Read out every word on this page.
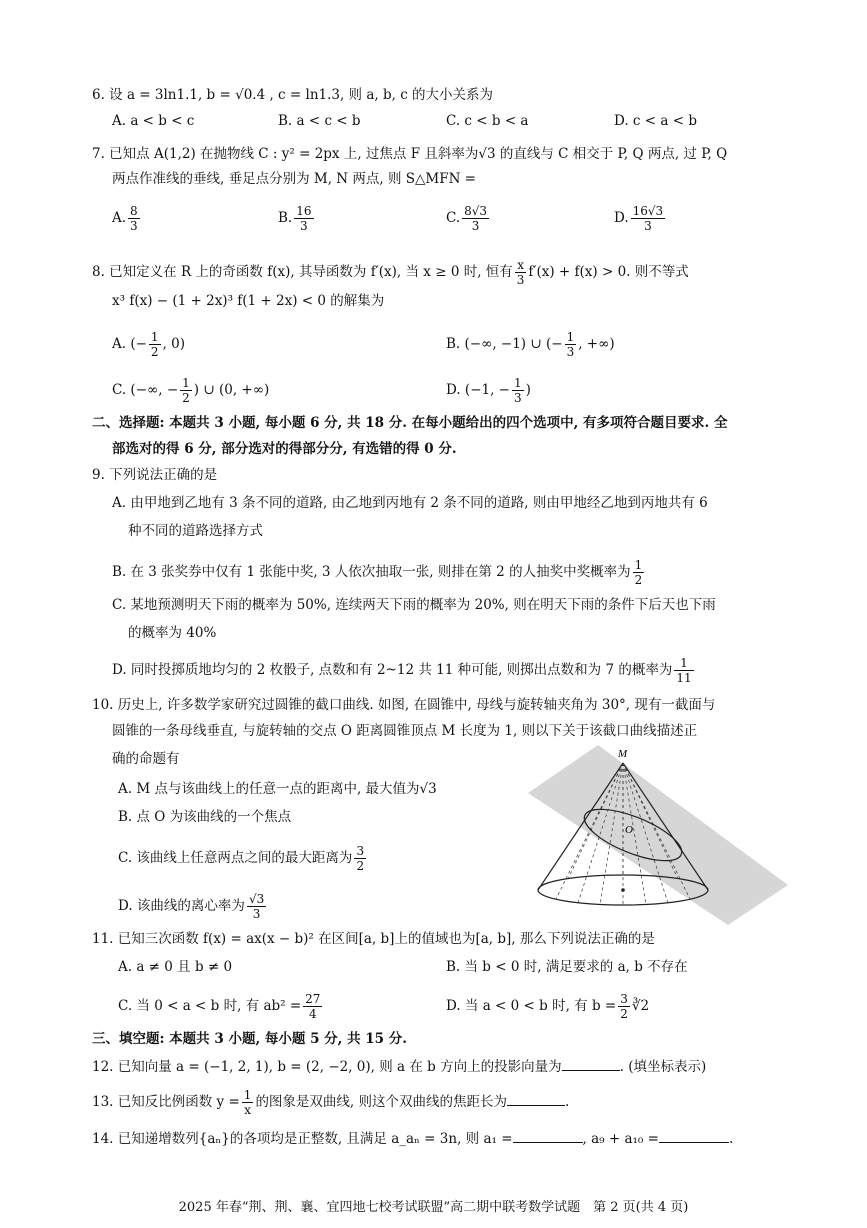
6. 设 a = 3ln1.1, b = √0.4 , c = ln1.3, 则 a, b, c 的大小关系为
A. a < b < c	B. a < c < b	C. c < b < a	D. c < a < b
7. 已知点 A(1,2) 在抛物线 C : y² = 2px 上, 过焦点 F 且斜率为√3 的直线与 C 相交于 P, Q 两点, 过 P, Q
两点作准线的垂线, 垂足点分别为 M, N 两点, 则 S△MFN =
A. $\frac{8}{3}$	B. $\frac{16}{3}$	C. $\frac{8√3}{3}$	D. $\frac{16√3}{3}$
8. 已知定义在 R 上的奇函数 f(x), 其导函数为 f′(x), 当 x ≥ 0 时, 恒有 $\frac{x}{3} f'(x) + f(x) > 0$. 则不等式
x³ f(x) − (1 + 2x)³ f(1 + 2x) < 0 的解集为
A. (− $\frac{1}{2}$ , 0)	B. (−∞, −1) ∪ (− $\frac{1}{3}$ , +∞)
C. (−∞, − $\frac{1}{2}$ ) ∪ (0, +∞)	D. (−1, − $\frac{1}{3}$ )
二、选择题: 本题共 3 小题, 每小题 6 分, 共 18 分. 在每小题给出的四个选项中, 有多项符合题目要求. 全
部选对的得 6 分, 部分选对的得部分分, 有选错的得 0 分.
9. 下列说法正确的是
A. 由甲地到乙地有 3 条不同的道路, 由乙地到丙地有 2 条不同的道路, 则由甲地经乙地到丙地共有 6
种不同的道路选择方式
B. 在 3 张奖券中仅有 1 张能中奖, 3 人依次抽取一张, 则排在第 2 的人抽奖中奖概率为 $\frac{1}{2}$
C. 某地预测明天下雨的概率为 50%, 连续两天下雨的概率为 20%, 则在明天下雨的条件下后天也下雨
的概率为 40%
D. 同时投掷质地均匀的 2 枚骰子, 点数和有 2~12 共 11 种可能, 则掷出点数和为 7 的概率为 $\frac{1}{11}$
10. 历史上, 许多数学家研究过圆锥的截口曲线. 如图, 在圆锥中, 母线与旋转轴夹角为 30°, 现有一截面与
圆锥的一条母线垂直, 与旋转轴的交点 O 距离圆锥顶点 M 长度为 1, 则以下关于该截口曲线描述正
确的命题有
A. M 点与该曲线上的任意一点的距离中, 最大值为√3
B. 点 O 为该曲线的一个焦点
C. 该曲线上任意两点之间的最大距离为 $\frac{3}{2}$
D. 该曲线的离心率为 $\frac{√3}{3}$
M
O
11. 已知三次函数 f(x) = ax(x − b)² 在区间[a, b]上的值域也为[a, b], 那么下列说法正确的是
A. a ≠ 0 且 b ≠ 0	B. 当 b < 0 时, 满足要求的 a, b 不存在
C. 当 0 < a < b 时, 有 $ab^2 = \frac{27}{4}$	D. 当 a < 0 < b 时, 有 $b = \frac{3}{2}$ ∛2
三、填空题: 本题共 3 小题, 每小题 5 分, 共 15 分.
12. 已知向量 a = (−1, 2, 1), b = (2, −2, 0), 则 a 在 b 方向上的投影向量为	. (填坐标表示)
13. 已知反比例函数 $y = \frac{1}{x}$ 的图象是双曲线, 则这个双曲线的焦距长为	.
14. 已知递增数列{aₙ}的各项均是正整数, 且满足 a_aₙ = 3n, 则 a₁ =	, a₉ + a₁₀ =	.
2025 年春“荆、荆、襄、宜四地七校考试联盟”高二期中联考数学试题　第 2 页(共 4 页)
